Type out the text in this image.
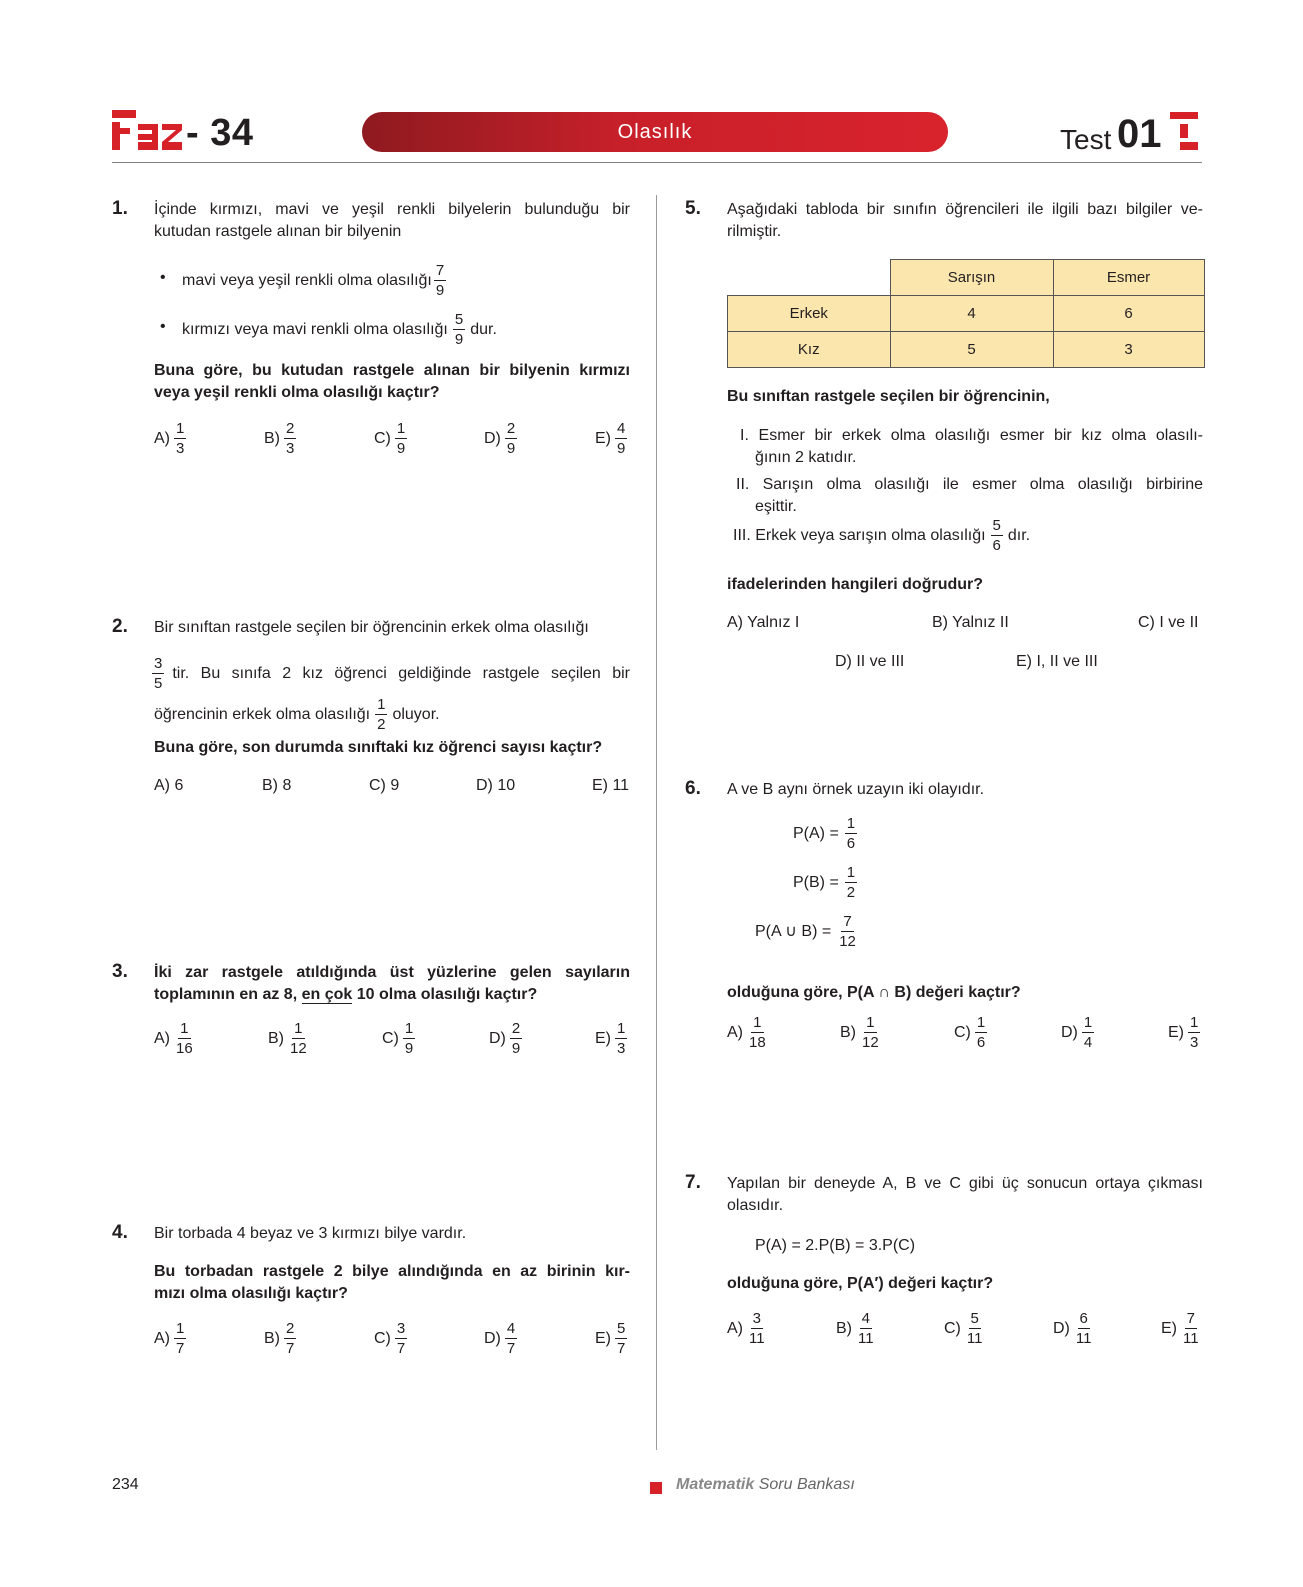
- 34	Olasılık	Test 01
1. İçinde kırmızı, mavi ve yeşil renkli bilyelerin bulunduğu bir
kutudan rastgele alınan bir bilyenin
• mavi veya yeşil renkli olma olasılığı $\frac{7}{9}$
• kırmızı veya mavi renkli olma olasılığı $\frac{5}{9}$ dur.
Buna göre, bu kutudan rastgele alınan bir bilyenin kırmızı
veya yeşil renkli olma olasılığı kaçtır?
$A) \frac{1}{3}$	$B) \frac{2}{3}$	$C) \frac{1}{9}$	$D) \frac{2}{9}$	$E) \frac{4}{9}$
2. Bir sınıftan rastgele seçilen bir öğrencinin erkek olma olasılığı
$\frac{3}{5}$ tir. Bu sınıfa 2 kız öğrenci geldiğinde rastgele seçilen bir
öğrencinin erkek olma olasılığı $\frac{1}{2}$ oluyor.
Buna göre, son durumda sınıftaki kız öğrenci sayısı kaçtır?
A) 6	B) 8	C) 9	D) 10	E) 11
3. İki zar rastgele atıldığında üst yüzlerine gelen sayıların
toplamının en az 8, en çok 10 olma olasılığı kaçtır?
$A) \frac{1}{16}$	$B) \frac{1}{12}$	$C) \frac{1}{9}$	$D) \frac{2}{9}$	$E) \frac{1}{3}$
4. Bir torbada 4 beyaz ve 3 kırmızı bilye vardır.
Bu torbadan rastgele 2 bilye alındığında en az birinin kır-
mızı olma olasılığı kaçtır?
$A) \frac{1}{7}$	$B) \frac{2}{7}$	$C) \frac{3}{7}$	$D) \frac{4}{7}$	$E) \frac{5}{7}$
5. Aşağıdaki tabloda bir sınıfın öğrencileri ile ilgili bazı bilgiler ve-
rilmiştir.
	Sarışın	Esmer
Erkek	4	6
Kız	5	3
Bu sınıftan rastgele seçilen bir öğrencinin,
I. Esmer bir erkek olma olasılığı esmer bir kız olma olasılı-
ğının 2 katıdır.
II. Sarışın olma olasılığı ile esmer olma olasılığı birbirine
eşittir.
III. Erkek veya sarışın olma olasılığı $\frac{5}{6}$ dır.
ifadelerinden hangileri doğrudur?
A) Yalnız I	B) Yalnız II	C) I ve II
D) II ve III	E) I, II ve III
6. A ve B aynı örnek uzayın iki olayıdır.
$P(A) = \frac{1}{6}$
$P(B) = \frac{1}{2}$
P(A ∪ $B) = \frac{7}{12}$
olduğuna göre, P(A ∩ B) değeri kaçtır?
$A) \frac{1}{18}$	$B) \frac{1}{12}$	$C) \frac{1}{6}$	$D) \frac{1}{4}$	$E) \frac{1}{3}$
7. Yapılan bir deneyde A, B ve C gibi üç sonucun ortaya çıkması
olasıdır.
P(A) = 2.P(B) = 3.P(C)
olduğuna göre, P(A′) değeri kaçtır?
$A) \frac{3}{11}$	$B) \frac{4}{11}$	$C) \frac{5}{11}$	$D) \frac{6}{11}$	$E) \frac{7}{11}$
234	Matematik Soru Bankası
